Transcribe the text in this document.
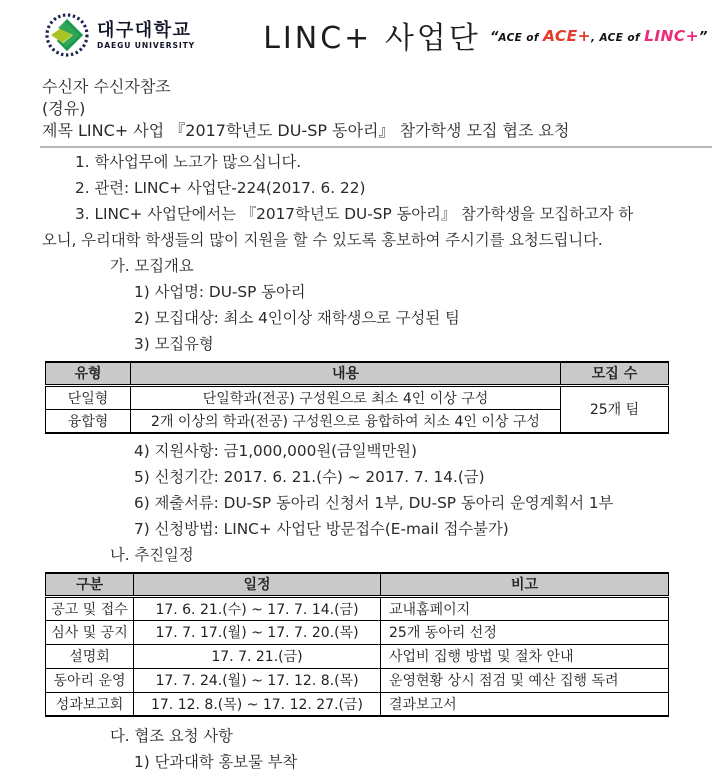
대구대학교
DAEGU UNIVERSITY	LINC+ 사업단 “ACE of ACE+, ACE of LINC+”
수신자 수신자참조
(경유)
제목 LINC+ 사업 『2017학년도 DU-SP 동아리』 참가학생 모집 협조 요청
1. 학사업무에 노고가 많으십니다.
2. 관련: LINC+ 사업단-224(2017. 6. 22)
3. LINC+ 사업단에서는 『2017학년도 DU-SP 동아리』 참가학생을 모집하고자 하
오니, 우리대학 학생들의 많이 지원을 할 수 있도록 홍보하여 주시기를 요청드립니다.
가. 모집개요
1) 사업명: DU-SP 동아리
2) 모집대상: 최소 4인이상 재학생으로 구성된 팀
3) 모집유형
유형	내용	모집 수
단일형	단일학과(전공) 구성원으로 최소 4인 이상 구성	25개 팀
융합형	2개 이상의 학과(전공) 구성원으로 융합하여 치소 4인 이상 구성	
4) 지원사항: 금1,000,000원(금일백만원)
5) 신청기간: 2017. 6. 21.(수) ~ 2017. 7. 14.(금)
6) 제출서류: DU-SP 동아리 신청서 1부, DU-SP 동아리 운영계획서 1부
7) 신청방법: LINC+ 사업단 방문접수(E-mail 접수불가)
나. 추진일정
구분	일정	비고
공고 및 접수	17. 6. 21.(수) ~ 17. 7. 14.(금)	교내홈페이지
심사 및 공지	17. 7. 17.(월) ~ 17. 7. 20.(목)	25개 동아리 선정
설명회	17. 7. 21.(금)	사업비 집행 방법 및 절차 안내
동아리 운영	17. 7. 24.(월) ~ 17. 12. 8.(목)	운영현황 상시 점검 및 예산 집행 독려
성과보고회	17. 12. 8.(목) ~ 17. 12. 27.(금)	결과보고서
다. 협조 요청 사항
1) 단과대학 홍보물 부착
